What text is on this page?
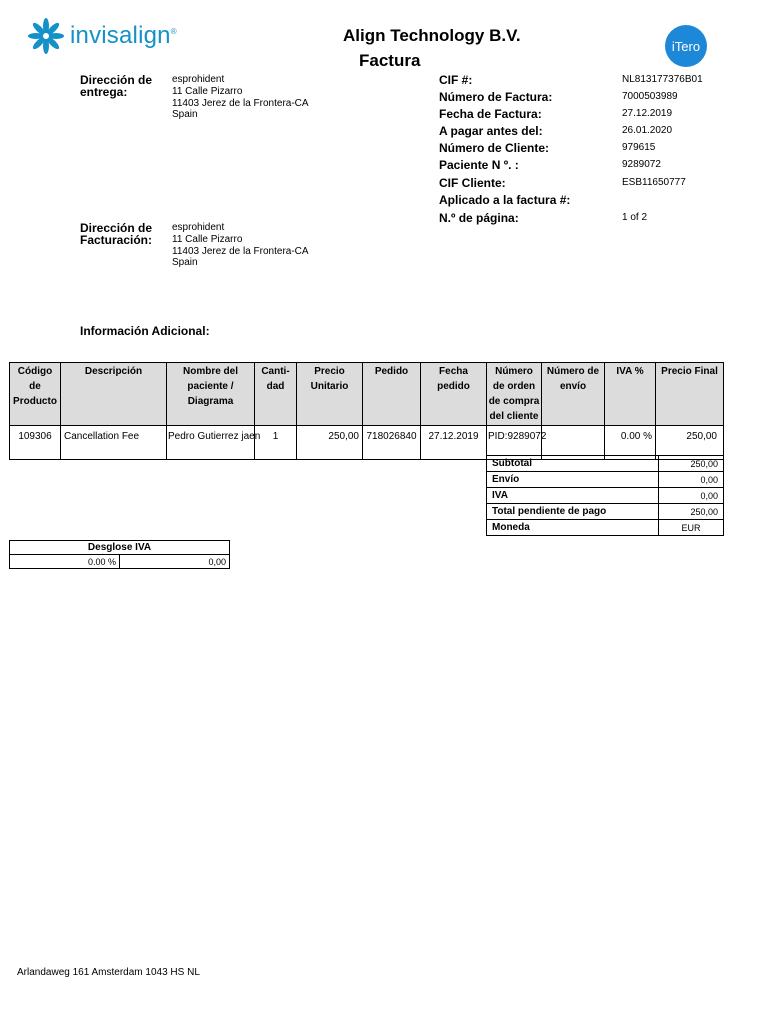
invisalign®	Align Technology B.V.
Factura
iTero
Dirección de
entrega:
esprohident
11 Calle Pizarro
11403 Jerez de la Frontera-CA
Spain
Dirección de
Facturación:
esprohident
11 Calle Pizarro
11403 Jerez de la Frontera-CA
Spain
CIF #:	NL813177376B01
Número de Factura:	7000503989
Fecha de Factura:	27.12.2019
A pagar antes del:	26.01.2020
Número de Cliente:	979615
Paciente N º. :	9289072
CIF Cliente:	ESB11650777
Aplicado a la factura #:
N.º de página:	1 of 2
Información Adicional:
Código de Producto	Descripción	Nombre del paciente / Diagrama	Canti- dad	Precio Unitario	Pedido	Fecha pedido	Número de orden de compra del cliente	Número de envío	IVA %	Precio Final
109306	Cancellation Fee	Pedro Gutierrez jaen	1	250,00	718026840	27.12.2019	PID:9289072		0.00 %	250,00
Subtotal	250,00
Envío	0,00
IVA	0,00
Total pendiente de pago	250,00
Moneda	EUR
Desglose IVA
0.00 %	0,00
Arlandaweg 161 Amsterdam 1043 HS NL
